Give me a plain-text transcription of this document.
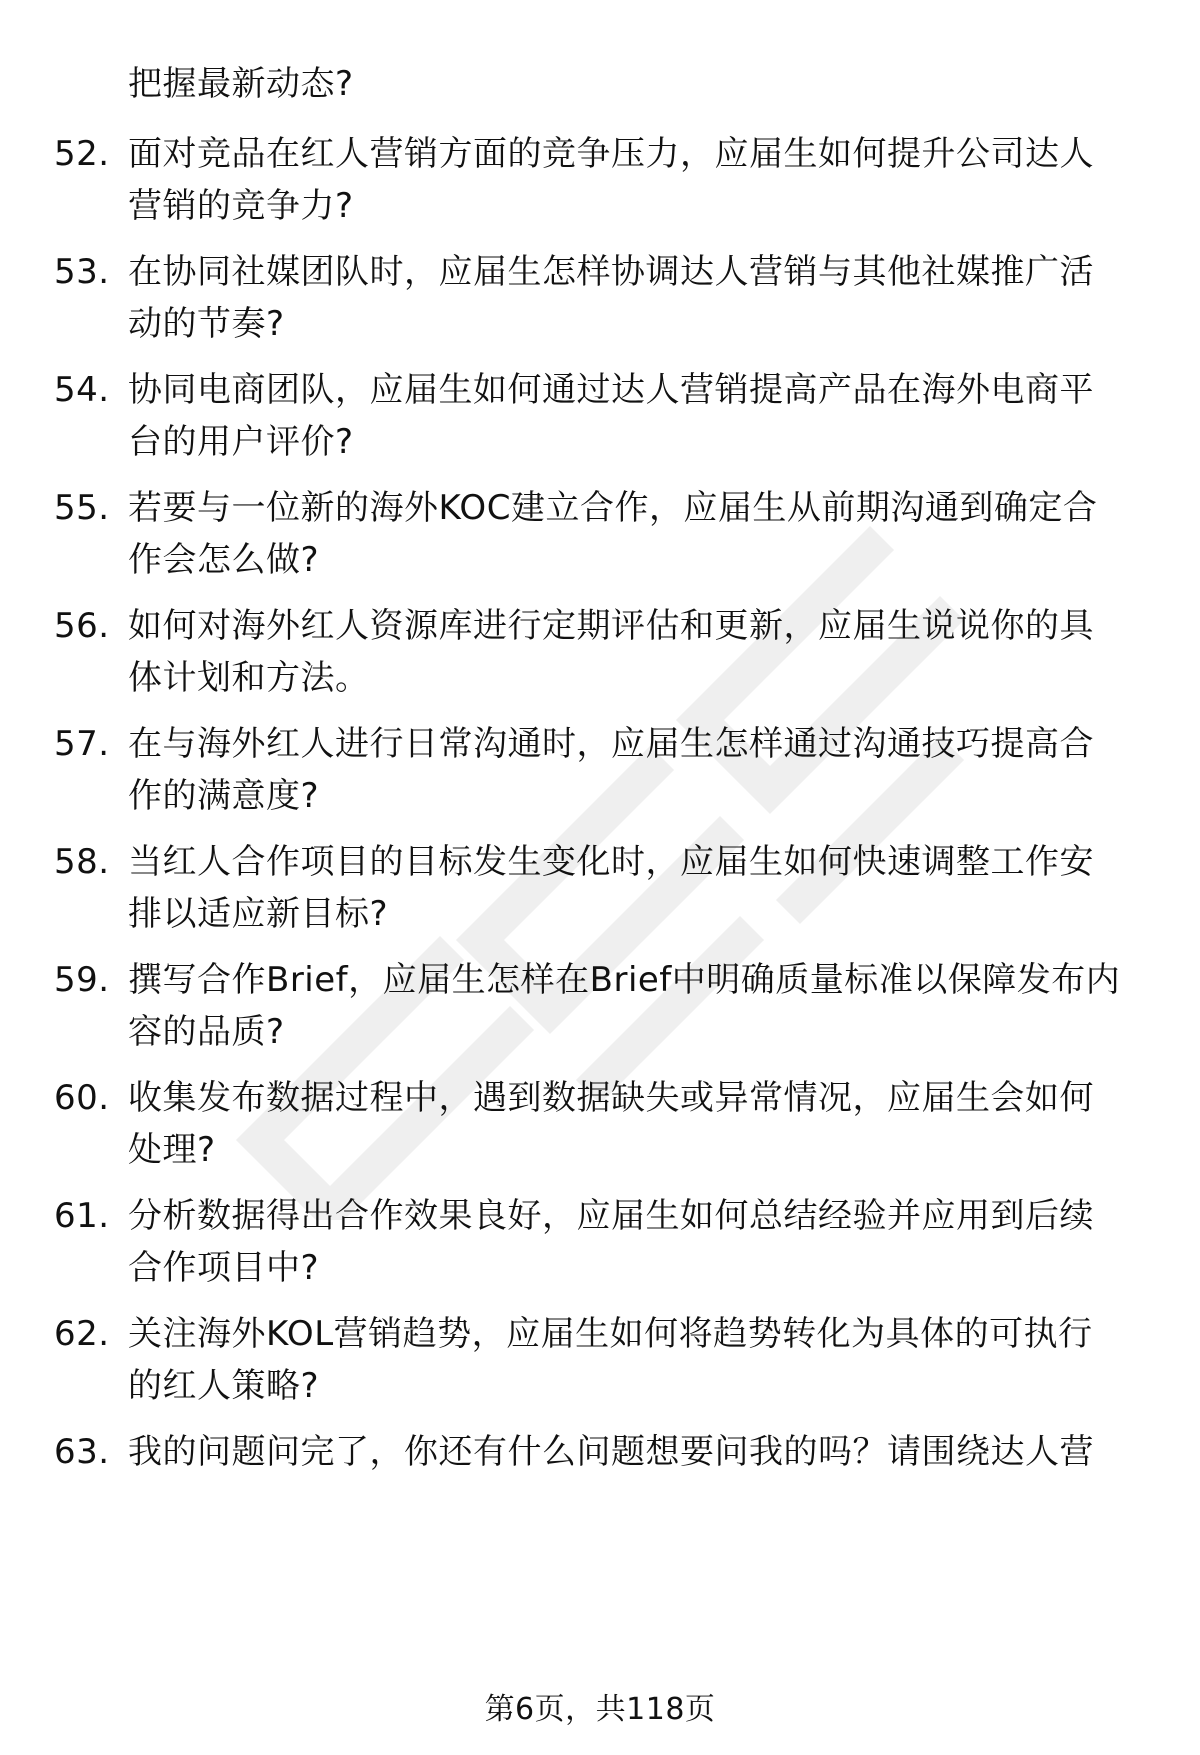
把握最新动态?
52. 面对竞品在红人营销方面的竞争压力，应届生如何提升公司达人
营销的竞争力?
53. 在协同社媒团队时，应届生怎样协调达人营销与其他社媒推广活
动的节奏?
54. 协同电商团队，应届生如何通过达人营销提高产品在海外电商平
台的用户评价?
55. 若要与一位新的海外KOC建立合作，应届生从前期沟通到确定合
作会怎么做?
56. 如何对海外红人资源库进行定期评估和更新，应届生说说你的具
体计划和方法。
57. 在与海外红人进行日常沟通时，应届生怎样通过沟通技巧提高合
作的满意度?
58. 当红人合作项目的目标发生变化时，应届生如何快速调整工作安
排以适应新目标?
59. 撰写合作Brief，应届生怎样在Brief中明确质量标准以保障发布内
容的品质?
60. 收集发布数据过程中，遇到数据缺失或异常情况，应届生会如何
处理?
61. 分析数据得出合作效果良好，应届生如何总结经验并应用到后续
合作项目中?
62. 关注海外KOL营销趋势，应届生如何将趋势转化为具体的可执行
的红人策略?
63. 我的问题问完了，你还有什么问题想要问我的吗？请围绕达人营
第6页，共118页
